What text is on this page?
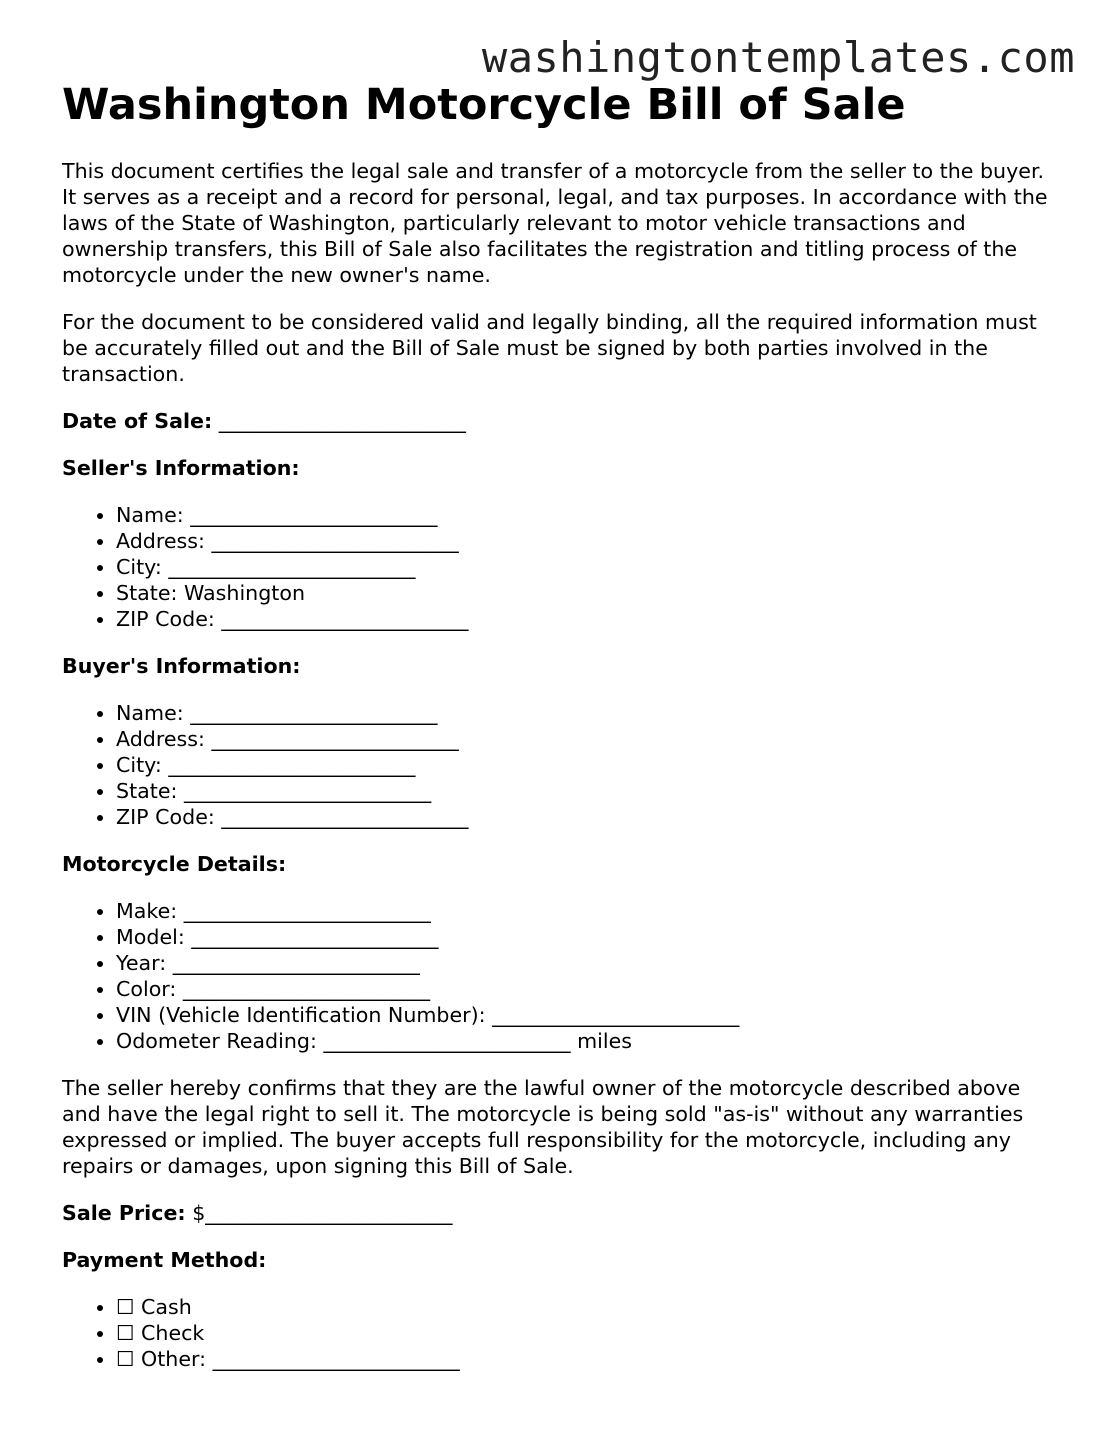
washingtontemplates.com
Washington Motorcycle Bill of Sale

This document certifies the legal sale and transfer of a motorcycle from the seller to the buyer. It serves as a receipt and a record for personal, legal, and tax purposes. In accordance with the laws of the State of Washington, particularly relevant to motor vehicle transactions and ownership transfers, this Bill of Sale also facilitates the registration and titling process of the motorcycle under the new owner's name.

For the document to be considered valid and legally binding, all the required information must be accurately filled out and the Bill of Sale must be signed by both parties involved in the transaction.

Date of Sale: ________________________

Seller's Information:

• Name: ________________________
• Address: ________________________
• City: ________________________
• State: Washington
• ZIP Code: ________________________

Buyer's Information:

• Name: ________________________
• Address: ________________________
• City: ________________________
• State: ________________________
• ZIP Code: ________________________

Motorcycle Details:

• Make: ________________________
• Model: ________________________
• Year: ________________________
• Color: ________________________
• VIN (Vehicle Identification Number): ________________________
• Odometer Reading: ________________________ miles

The seller hereby confirms that they are the lawful owner of the motorcycle described above and have the legal right to sell it. The motorcycle is being sold "as-is" without any warranties expressed or implied. The buyer accepts full responsibility for the motorcycle, including any repairs or damages, upon signing this Bill of Sale.

Sale Price: $________________________

Payment Method:

• ☐ Cash
• ☐ Check
• ☐ Other: ________________________
